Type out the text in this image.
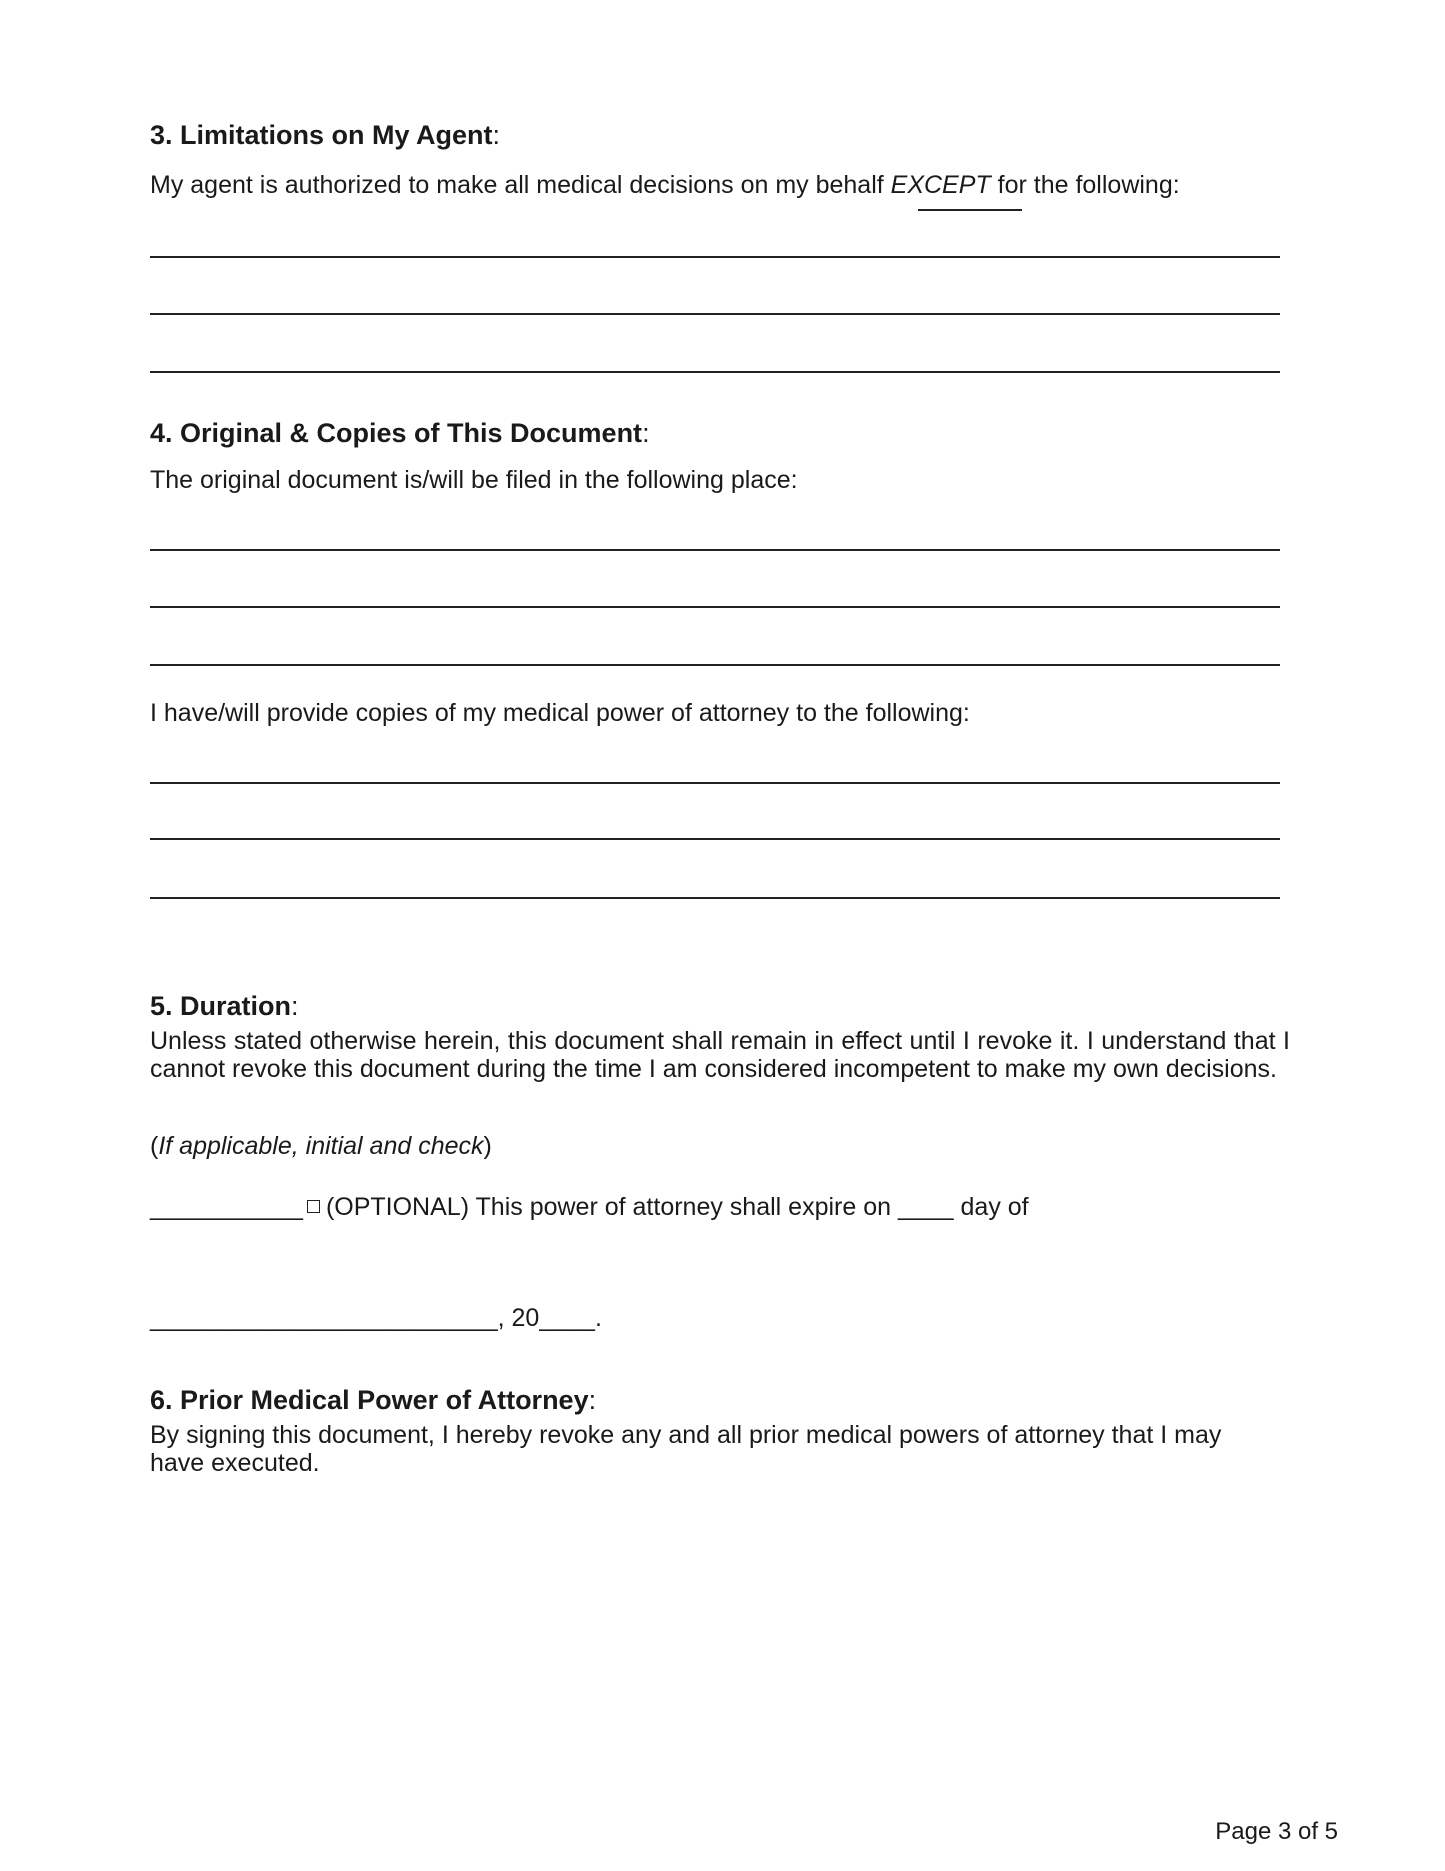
3. Limitations on My Agent:
My agent is authorized to make all medical decisions on my behalf EXCEPT for the following:
4. Original & Copies of This Document:
The original document is/will be filed in the following place:
I have/will provide copies of my medical power of attorney to the following:
5. Duration:
Unless stated otherwise herein, this document shall remain in effect until I revoke it. I understand that I cannot revoke this document during the time I am considered incompetent to make my own decisions.
(If applicable, initial and check)
___________ (OPTIONAL) This power of attorney shall expire on ____ day of
_________________________, 20____.
6. Prior Medical Power of Attorney:
By signing this document, I hereby revoke any and all prior medical powers of attorney that I may have executed.
Page 3 of 5
